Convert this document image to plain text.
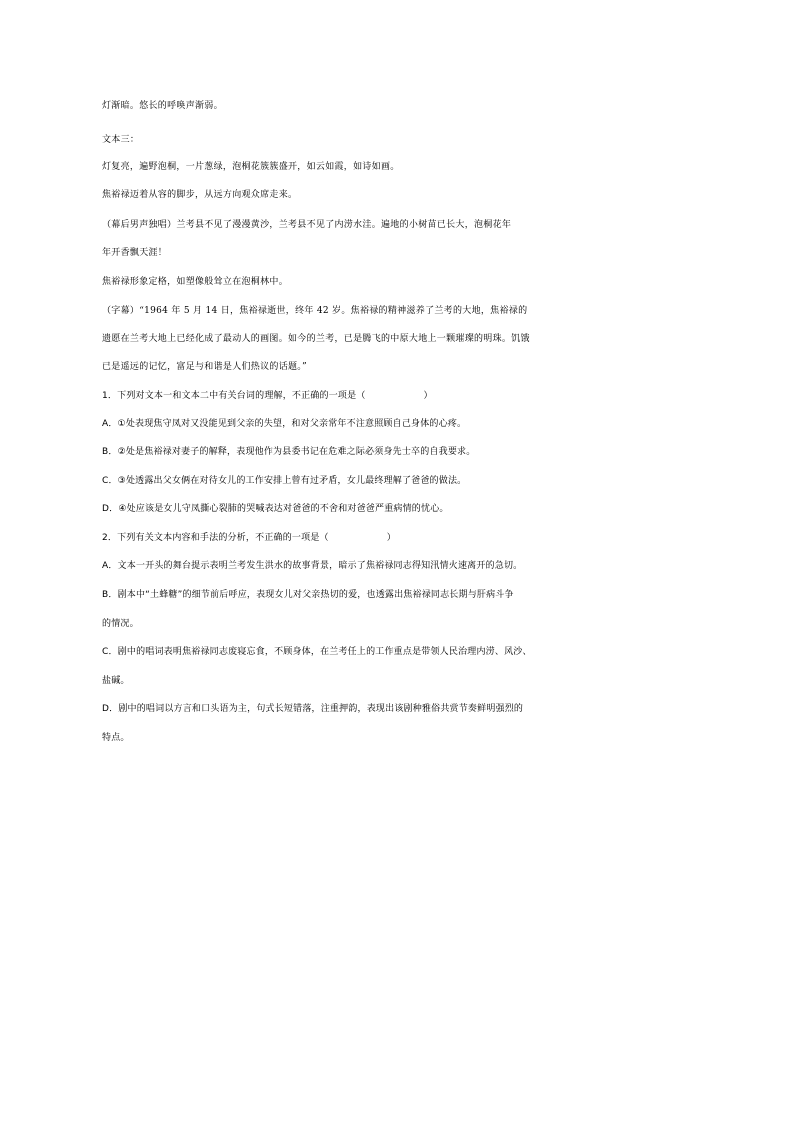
灯渐暗。悠长的呼唤声渐弱。
文本三：
灯复亮，遍野泡桐，一片葱绿，泡桐花簇簇盛开，如云如霞，如诗如画。
焦裕禄迈着从容的脚步，从远方向观众席走来。
（幕后男声独唱）兰考县不见了漫漫黄沙，兰考县不见了内涝水洼。遍地的小树苗已长大，泡桐花年
年开香飘天涯！
焦裕禄形象定格，如塑像般耸立在泡桐林中。
（字幕）“1964 年 5 月 14 日，焦裕禄逝世，终年 42 岁。焦裕禄的精神滋养了兰考的大地，焦裕禄的
遗愿在兰考大地上已经化成了最动人的画图。如今的兰考，已是腾飞的中原大地上一颗璀璨的明珠。饥饿
已是遥远的记忆，富足与和谐是人们热议的话题。”
1．下列对文本一和文本二中有关台词的理解，不正确的一项是（	）
A．①处表现焦守凤对又没能见到父亲的失望，和对父亲常年不注意照顾自己身体的心疼。
B．②处是焦裕禄对妻子的解释，表现他作为县委书记在危难之际必须身先士卒的自我要求。
C．③处透露出父女俩在对待女儿的工作安排上曾有过矛盾，女儿最终理解了爸爸的做法。
D．④处应该是女儿守凤撕心裂肺的哭喊表达对爸爸的不舍和对爸爸严重病情的忧心。
2．下列有关文本内容和手法的分析，不正确的一项是（	）
A．文本一开头的舞台提示表明兰考发生洪水的故事背景，暗示了焦裕禄同志得知汛情火速离开的急切。
B．剧本中“土蜂糖”的细节前后呼应，表现女儿对父亲热切的爱，也透露出焦裕禄同志长期与肝病斗争
的情况。
C．剧中的唱词表明焦裕禄同志废寝忘食，不顾身体，在兰考任上的工作重点是带领人民治理内涝、风沙、
盐碱。
D．剧中的唱词以方言和口头语为主，句式长短错落，注重押韵，表现出该剧种雅俗共赏节奏鲜明强烈的
特点。
